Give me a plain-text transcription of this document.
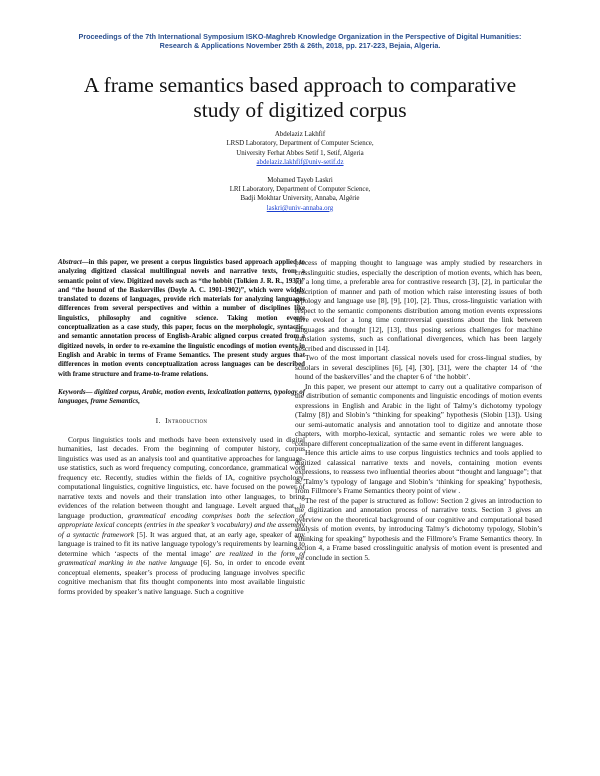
Proceedings of the 7th International Symposium ISKO-Maghreb Knowledge Organization in the Perspective of Digital Humanities:
Research & Applications November 25th & 26th, 2018, pp. 217-223, Bejaia, Algeria.
A frame semantics based approach to comparative
study of digitized corpus
Abdelaziz Lakhfif
LRSD Laboratory, Department of Computer Science,
University Ferhat Abbes Setif 1, Setif, Algeria
abdelaziz.lakhfif@univ-setif.dz
Mohamed Tayeb Laskri
LRI Laboratory, Department of Computer Science,
Badji Mokhtar University, Annaba, Algérie
laskri@univ-annaba.org
Abstract—in this paper, we present a corpus linguistics based approach applied to analyzing digitized classical multilingual novels and narrative texts, from a semantic point of view. Digitized novels such as “the hobbit (Tolkien J. R. R., 1937)” and “the hound of the Baskervilles (Doyle A. C. 1901-1902)”, which were widely translated to dozens of languages, provide rich materials for analyzing languages differences from several perspectives and within a number of disciplines like linguistics, philosophy and cognitive science. Taking motion events conceptualization as a case study, this paper, focus on the morphologic, syntactic, and semantic annotation process of English-Arabic aligned corpus created from a digitized novels, in order to re-examine the linguistic encodings of motion events in English and Arabic in terms of Frame Semantics. The present study argues that differences in motion events conceptualization across languages can be described with frame structure and frame-to-frame relations.
Keywords— digitized corpus, Arabic, motion events, lexicalization patterns, typology of languages, frame Semantics,
I. Introduction

Corpus linguistics tools and methods have been extensively used in digital humanities, last decades. From the beginning of computer history, corpus linguistics was used as an analysis tool and quantitative approaches for language-use statistics, such as word frequency computing, concordance, grammatical word frequency etc. Recently, studies within the fields of IA, cognitive psychology, computational linguistics, cognitive linguistics, etc. have focused on the power of narrative texts and novels and their translation into other languages, to bring evidences of the relation between thought and language. Levelt argued that, in language production, grammatical encoding comprises both the selection of appropriate lexical concepts (entries in the speaker’s vocabulary) and the assembly of a syntactic framework [5]. It was argued that, at an early age, speaker of any language is trained to fit its native language typology’s requirements by learning to determine which ‘aspects of the mental image’ are realized in the form of grammatical marking in the native language [6]. So, in order to encode event conceptual elements, speaker’s process of producing language involves specific cognitive mechanism that fits thought components into most available linguistic forms provided by speaker’s native language. Such a cognitive

process of mapping thought to language was amply studied by researchers in crosslinguitic studies, especially the description of motion events, which has been, for a long time, a preferable area for contrastive research [3], [2], in particular the description of manner and path of motion which raise interesting issues of both typology and language use [8], [9], [10], [2]. Thus, cross-linguistic variation with respect to the semantic components distribution among motion events expressions have evoked for a long time controversial questions about the link between languages and thought [12], [13], thus posing serious challenges for machine translation systems, such as conflational divergences, which has been largely described and discussed in [14].

Two of the most important classical novels used for cross-lingual studies, by scholars in several desciplines [6], [4], [30], [31], were the chapter 14 of ‘the hound of the baskervilles’ and the chapter 6 of ‘the hobbit’.

In this paper, we present our attempt to carry out a qualitative comparison of the distribution of semantic components and linguistic encodings of motion events expressions in English and Arabic in the light of Talmy’s dichotomy typology (Talmy [8]) and Slobin’s “thinking for speaking” hypothesis (Slobin [13]). Using our semi-automatic analysis and annotation tool to digitize and annotate those chapters, with morpho-lexical, syntactic and semantic roles we were able to compare different conceptualization of the same event in different languages.

Hence this article aims to use corpus linguistics technics and tools applied to digitized calassical narrative texts and novels, containing motion events expressions, to reassess two influential theories about “thought and language”; that is, Talmy’s typology of langage and Slobin’s ‘thinking for speaking’ hypothesis, from Fillmore’s Frame Semantics theory point of view .

The rest of the paper is structured as follow: Section 2 gives an introduction to the digitization and annotation process of narrative texts. Section 3 gives an overview on the theoretical background of our cognitive and computational based analysis of motion events, by introducing Talmy’s dichotomy typology, Slobin’s “thinking for speaking” hypothesis and the Fillmore’s Frame Semantics theory. In section 4, a Frame based crosslinguitic analysis of motion event is presented and we conclude in section 5.
